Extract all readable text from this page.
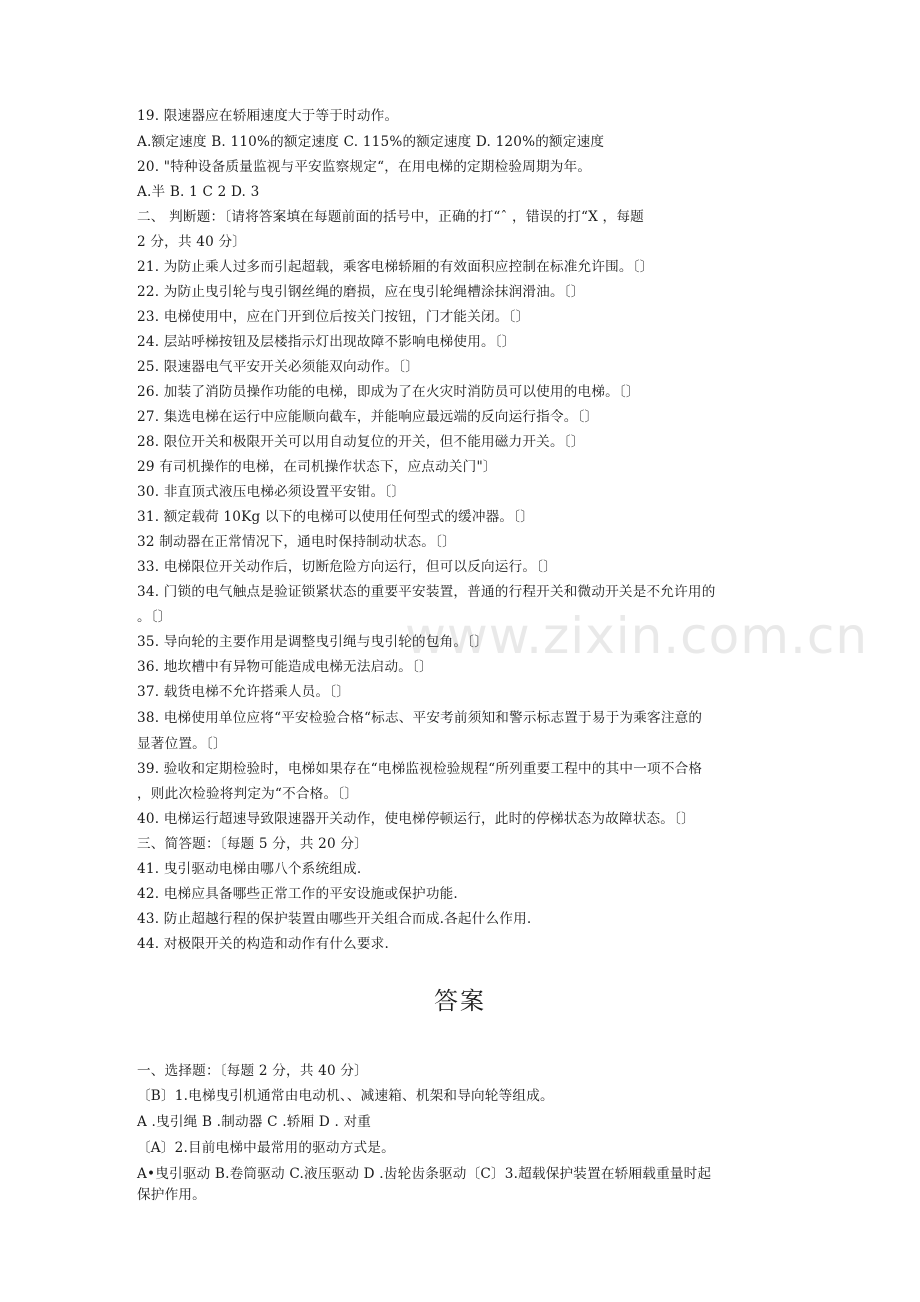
www.zixin.com.cn
19. 限速器应在轿厢速度大于等于时动作。
A.额定速度 B. 110%的额定速度 C. 115%的额定速度 D. 120%的额定速度
20. "特种设备质量监视与平安监察规定“，在用电梯的定期检验周期为年。
A.半 B. 1 C 2 D. 3
二、 判断题：〔请将答案填在每题前面的括号中，正确的打“ˆ ，错误的打“X ，每题
2 分，共 40 分〕
21. 为防止乘人过多而引起超载，乘客电梯轿厢的有效面积应控制在标准允许围。〔〕
22. 为防止曳引轮与曳引钢丝绳的磨损，应在曳引轮绳槽涂抹润滑油。〔〕
23. 电梯使用中，应在门开到位后按关门按钮，门才能关闭。〔〕
24. 层站呼梯按钮及层楼指示灯出现故障不影响电梯使用。〔〕
25. 限速器电气平安开关必须能双向动作。〔〕
26. 加装了消防员操作功能的电梯，即成为了在火灾时消防员可以使用的电梯。〔〕
27. 集选电梯在运行中应能顺向截车，并能响应最远端的反向运行指令。〔〕
28. 限位开关和极限开关可以用自动复位的开关，但不能用磁力开关。〔〕
29 有司机操作的电梯，在司机操作状态下，应点动关门"〕
30. 非直顶式液压电梯必须设置平安钳。〔〕
31. 额定载荷 10Kg 以下的电梯可以使用任何型式的缓冲器。〔〕
32 制动器在正常情况下，通电时保持制动状态。〔〕
33. 电梯限位开关动作后，切断危险方向运行，但可以反向运行。〔〕
34. 门锁的电气触点是验证锁紧状态的重要平安装置，普通的行程开关和微动开关是不允许用的
。〔〕
35. 导向轮的主要作用是调整曳引绳与曳引轮的包角。〔〕
36. 地坎槽中有异物可能造成电梯无法启动。〔〕
37. 载货电梯不允许搭乘人员。〔〕
38. 电梯使用单位应将“平安检验合格“标志、平安考前须知和警示标志置于易于为乘客注意的
显著位置。〔〕
39. 验收和定期检验时，电梯如果存在“电梯监视检验规程“所列重要工程中的其中一项不合格
，则此次检验将判定为“不合格。〔〕
40. 电梯运行超速导致限速器开关动作，使电梯停顿运行，此时的停梯状态为故障状态。〔〕
三、简答题：〔每题 5 分，共 20 分〕
41. 曳引驱动电梯由哪八个系统组成.
42. 电梯应具备哪些正常工作的平安设施或保护功能.
43. 防止超越行程的保护装置由哪些开关组合而成.各起什么作用.
44. 对极限开关的构造和动作有什么要求.
答案
一、选择题：〔每题 2 分，共 40 分〕
〔B〕1.电梯曳引机通常由电动机、、减速箱、机架和导向轮等组成。
A .曳引绳 B .制动器 C .轿厢 D . 对重
〔A〕2.目前电梯中最常用的驱动方式是。
A•曳引驱动 B.卷筒驱动 C.液压驱动 D .齿轮齿条驱动〔C〕3.超载保护装置在轿厢载重量时起
保护作用。
